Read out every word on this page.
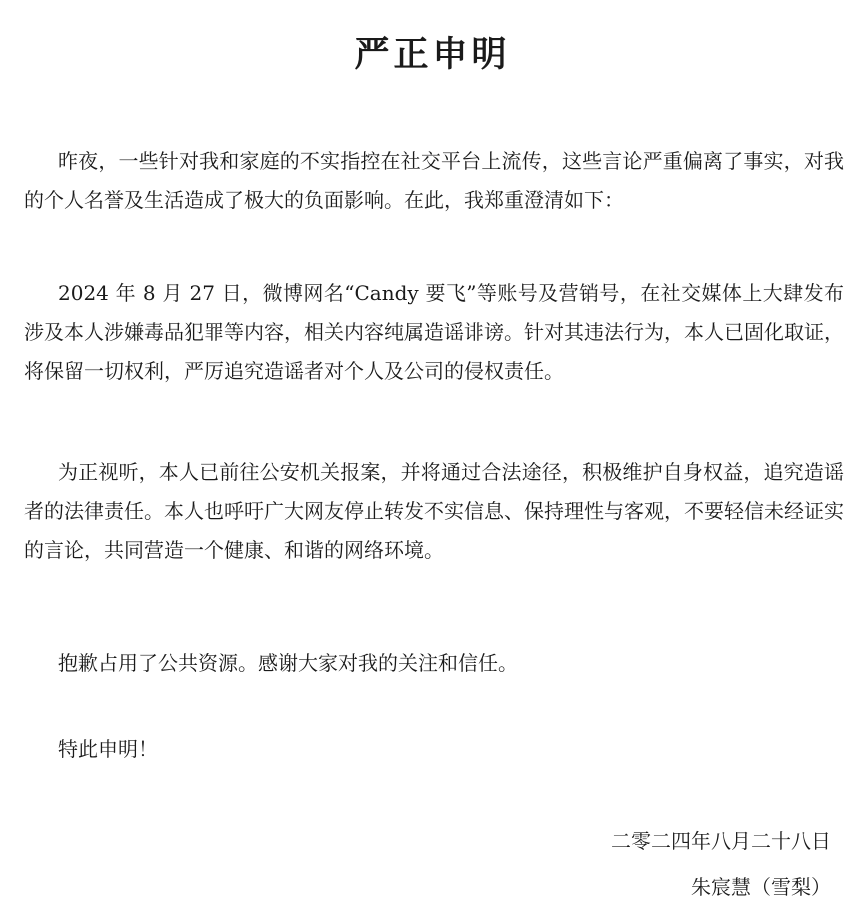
严正申明
昨夜，一些针对我和家庭的不实指控在社交平台上流传，这些言论严重偏离了事实，对我的个人名誉及生活造成了极大的负面影响。在此，我郑重澄清如下：
2024 年 8 月 27 日，微博网名“Candy 要飞”等账号及营销号，在社交媒体上大肆发布涉及本人涉嫌毒品犯罪等内容，相关内容纯属造谣诽谤。针对其违法行为，本人已固化取证，将保留一切权利，严厉追究造谣者对个人及公司的侵权责任。
为正视听，本人已前往公安机关报案，并将通过合法途径，积极维护自身权益，追究造谣者的法律责任。本人也呼吁广大网友停止转发不实信息、保持理性与客观，不要轻信未经证实的言论，共同营造一个健康、和谐的网络环境。
抱歉占用了公共资源。感谢大家对我的关注和信任。
特此申明！
二零二四年八月二十八日
朱宸慧（雪梨）
